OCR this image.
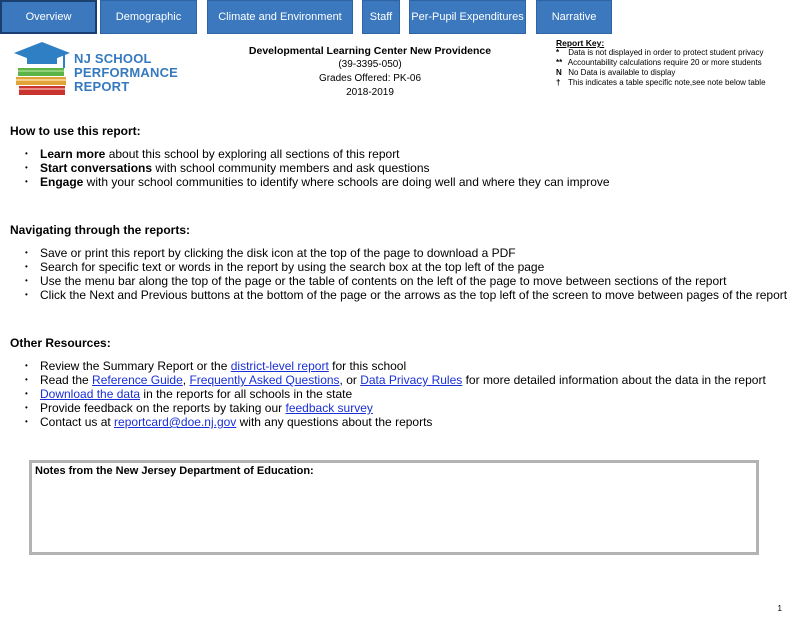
Overview	Demographic	Climate and Environment	Staff	Per-Pupil Expenditures	Narrative
NJ SCHOOL
PERFORMANCE
REPORT
Developmental Learning Center New Providence
(39-3395-050)
Grades Offered: PK-06
2018-2019
Report Key:
* Data is not displayed in order to protect student privacy
** Accountability calculations require 20 or more students
N No Data is available to display
† This indicates a table specific note,see note below table
How to use this report:
• Learn more about this school by exploring all sections of this report
• Start conversations with school community members and ask questions
• Engage with your school communities to identify where schools are doing well and where they can improve
Navigating through the reports:
• Save or print this report by clicking the disk icon at the top of the page to download a PDF
• Search for specific text or words in the report by using the search box at the top left of the page
• Use the menu bar along the top of the page or the table of contents on the left of the page to move between sections of the report
• Click the Next and Previous buttons at the bottom of the page or the arrows as the top left of the screen to move between pages of the report
Other Resources:
• Review the Summary Report or the district-level report for this school
• Read the Reference Guide, Frequently Asked Questions, or Data Privacy Rules for more detailed information about the data in the report
• Download the data in the reports for all schools in the state
• Provide feedback on the reports by taking our feedback survey
• Contact us at reportcard@doe.nj.gov with any questions about the reports
Notes from the New Jersey Department of Education:
1
